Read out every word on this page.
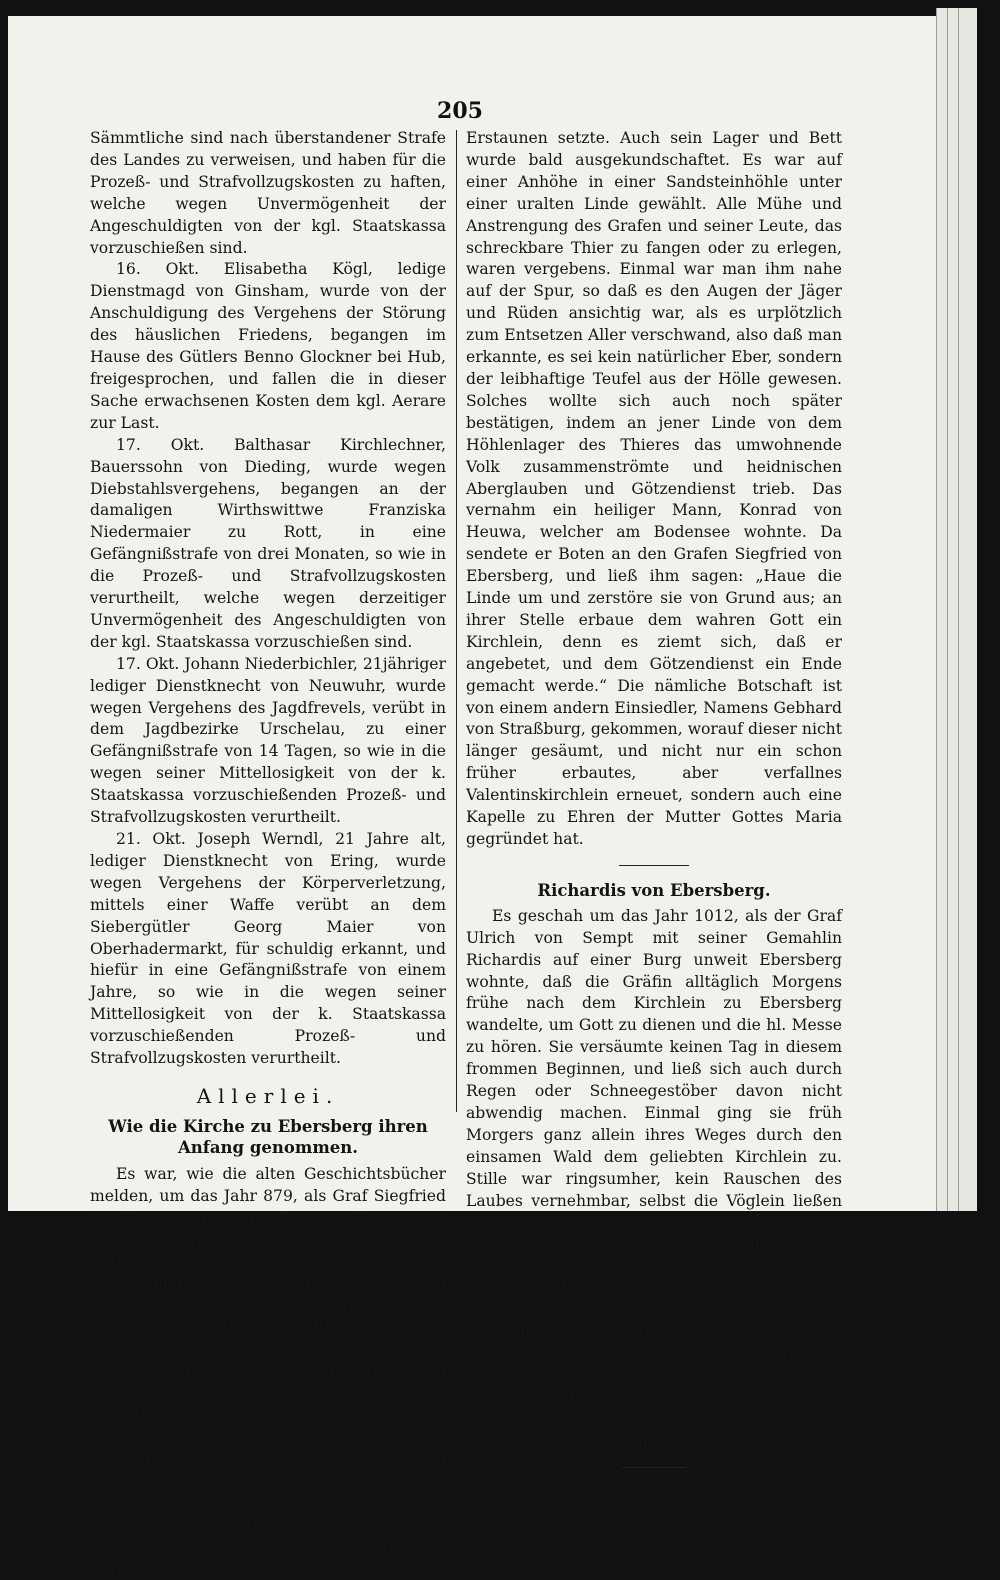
205

Sämmtliche sind nach überstandener Strafe des Landes zu verweisen, und haben für die Prozeß- und Strafvollzugskosten zu haften, welche wegen Unvermögenheit der Angeschuldigten von der kgl. Staatskassa vorzuschießen sind.

16. Okt. Elisabetha Kögl, ledige Dienstmagd von Ginsham, wurde von der Anschuldigung des Vergehens der Störung des häuslichen Friedens, begangen im Hause des Gütlers Benno Glockner bei Hub, freigesprochen, und fallen die in dieser Sache erwachsenen Kosten dem kgl. Aerare zur Last.

17. Okt. Balthasar Kirchlechner, Bauerssohn von Dieding, wurde wegen Diebstahlsvergehens, begangen an der damaligen Wirthswittwe Franziska Niedermaier zu Rott, in eine Gefängnißstrafe von drei Monaten, so wie in die Prozeß- und Strafvollzugskosten verurtheilt, welche wegen derzeitiger Unvermögenheit des Angeschuldigten von der kgl. Staatskassa vorzuschießen sind.

17. Okt. Johann Niederbichler, 21jähriger lediger Dienstknecht von Neuwuhr, wurde wegen Vergehens des Jagdfrevels, verübt in dem Jagdbezirke Urschelau, zu einer Gefängnißstrafe von 14 Tagen, so wie in die wegen seiner Mittellosigkeit von der k. Staatskassa vorzuschießenden Prozeß- und Strafvollzugskosten verurtheilt.

21. Okt. Joseph Werndl, 21 Jahre alt, lediger Dienstknecht von Ering, wurde wegen Vergehens der Körperverletzung, mittels einer Waffe verübt an dem Siebergütler Georg Maier von Oberhadermarkt, für schuldig erkannt, und hiefür in eine Gefängnißstrafe von einem Jahre, so wie in die wegen seiner Mittellosigkeit von der k. Staatskassa vorzuschießenden Prozeß- und Strafvollzugskosten verurtheilt.

Allerlei.
Wie die Kirche zu Ebersberg ihren Anfang genommen.

Es war, wie die alten Geschichtsbücher melden, um das Jahr 879, als Graf Siegfried von Ebersberg ruhig auf seinem Schlosse zu Sempt im Kreise seiner Familie lebte, und unter andern sein Vergnügen am Waidwerke in den umliegenden Wäldern fand. Dazumal war die Gegend von Ebersberg noch gar wild und schauerlich. Gewaltige Eichen und Buchen, von Schlingpflanzen durchflochten, reihten sich zu einem undurchdringlichen Urwald aneinander. Nur auf einzelnen schmalen Stegen und Wegen konnten die Jäger in dieser Wildniß vordringen, in welcher große schwarze Eber ihren Aufenthalt hatten.

Eines Tages pflegte der Graf des gewohnten Waidwerkes, als man urplötzlich eines gewaltigen Ebers ansichtig wurde, der durch seine Größe und Stärke in

Erstaunen setzte. Auch sein Lager und Bett wurde bald ausgekundschaftet. Es war auf einer Anhöhe in einer Sandsteinhöhle unter einer uralten Linde gewählt. Alle Mühe und Anstrengung des Grafen und seiner Leute, das schreckbare Thier zu fangen oder zu erlegen, waren vergebens. Einmal war man ihm nahe auf der Spur, so daß es den Augen der Jäger und Rüden ansichtig war, als es urplötzlich zum Entsetzen Aller verschwand, also daß man erkannte, es sei kein natürlicher Eber, sondern der leibhaftige Teufel aus der Hölle gewesen. Solches wollte sich auch noch später bestätigen, indem an jener Linde von dem Höhlenlager des Thieres das umwohnende Volk zusammenströmte und heidnischen Aberglauben und Götzendienst trieb. Das vernahm ein heiliger Mann, Konrad von Heuwa, welcher am Bodensee wohnte. Da sendete er Boten an den Grafen Siegfried von Ebersberg, und ließ ihm sagen: „Haue die Linde um und zerstöre sie von Grund aus; an ihrer Stelle erbaue dem wahren Gott ein Kirchlein, denn es ziemt sich, daß er angebetet, und dem Götzendienst ein Ende gemacht werde.“ Die nämliche Botschaft ist von einem andern Einsiedler, Namens Gebhard von Straßburg, gekommen, worauf dieser nicht länger gesäumt, und nicht nur ein schon früher erbautes, aber verfallnes Valentinskirchlein erneuet, sondern auch eine Kapelle zu Ehren der Mutter Gottes Maria gegründet hat.

Richardis von Ebersberg.

Es geschah um das Jahr 1012, als der Graf Ulrich von Sempt mit seiner Gemahlin Richardis auf einer Burg unweit Ebersberg wohnte, daß die Gräfin alltäglich Morgens frühe nach dem Kirchlein zu Ebersberg wandelte, um Gott zu dienen und die hl. Messe zu hören. Sie versäumte keinen Tag in diesem frommen Beginnen, und ließ sich auch durch Regen oder Schneegestöber davon nicht abwendig machen. Einmal ging sie früh Morgers ganz allein ihres Weges durch den einsamen Wald dem geliebten Kirchlein zu. Stille war ringsumher, kein Rauschen des Laubes vernehmbar, selbst die Vöglein ließen kaum vereinzelte Morgengrüße ertönen. Da schlug auf einmal ein ungewisses Summen wie von fernem Glockenklang an ihr Ohr. Sie blieb stehen und lauschte, es war die wohlbekannte Stimme des Glöckleins von Ebersberg, welches ihr deutlich zurief, daß sie nun heute zu spät kommen werde. Da entfiel ihr vor Betrübniß ein Handschuh, den hatte im Augenblicke eine Elster im Schnabel und flog damit durch die Lüfte.

(Schluß folgt.)
